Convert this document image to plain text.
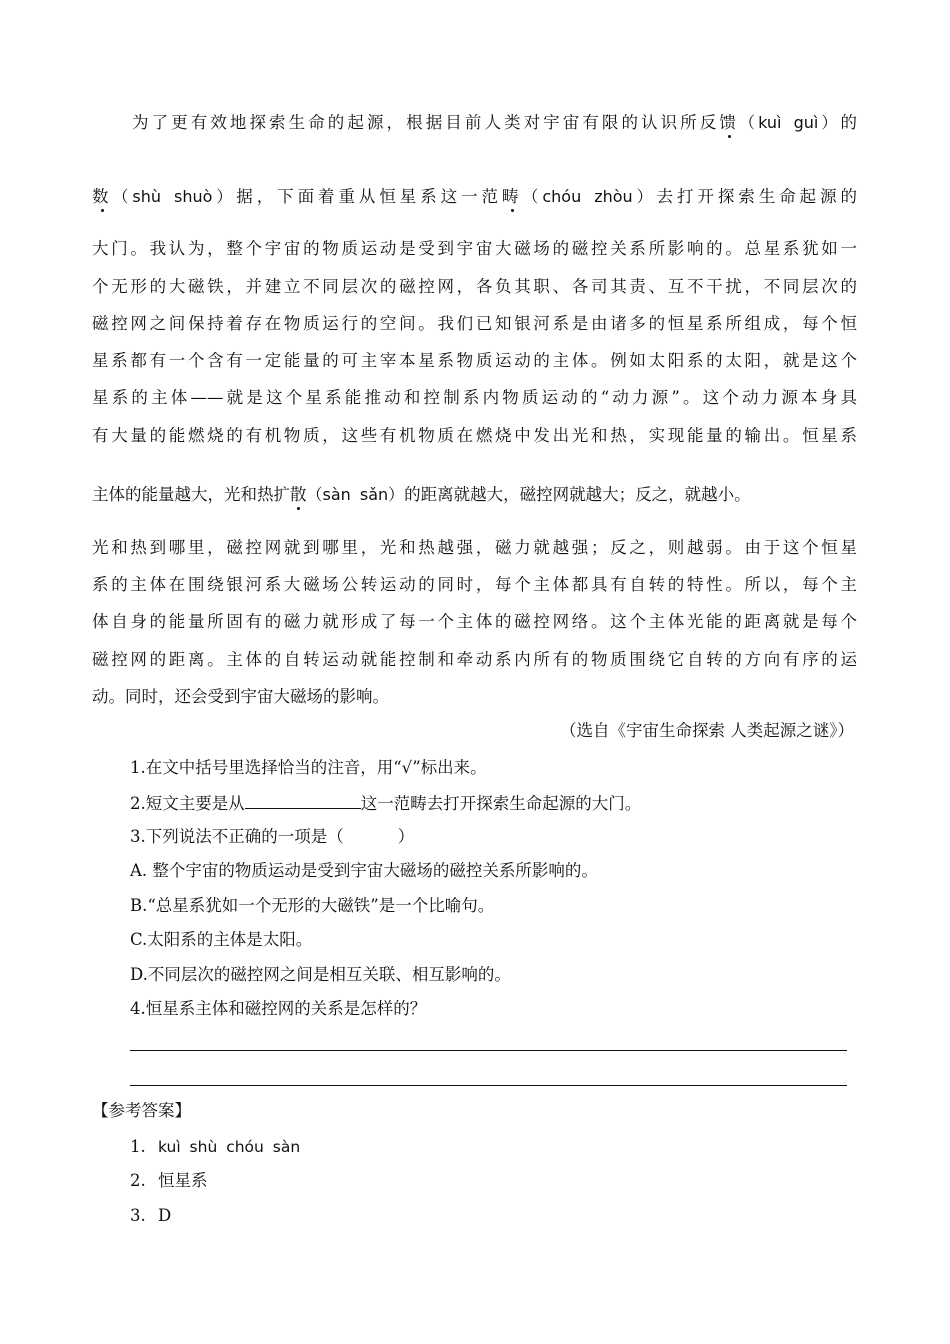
为了更有效地探索生命的起源，根据目前人类对宇宙有限的认识所反馈（kuì guì）的
数（shù shuò）据，下面着重从恒星系这一范畴（chóu zhòu）去打开探索生命起源的
大门。我认为，整个宇宙的物质运动是受到宇宙大磁场的磁控关系所影响的。总星系犹如一
个无形的大磁铁，并建立不同层次的磁控网，各负其职、各司其责、互不干扰，不同层次的
磁控网之间保持着存在物质运行的空间。我们已知银河系是由诸多的恒星系所组成，每个恒
星系都有一个含有一定能量的可主宰本星系物质运动的主体。例如太阳系的太阳，就是这个
星系的主体——就是这个星系能推动和控制系内物质运动的“动力源”。这个动力源本身具
有大量的能燃烧的有机物质，这些有机物质在燃烧中发出光和热，实现能量的输出。恒星系
主体的能量越大，光和热扩散（sàn sǎn）的距离就越大，磁控网就越大；反之，就越小。
光和热到哪里，磁控网就到哪里，光和热越强，磁力就越强；反之，则越弱。由于这个恒星
系的主体在围绕银河系大磁场公转运动的同时，每个主体都具有自转的特性。所以，每个主
体自身的能量所固有的磁力就形成了每一个主体的磁控网络。这个主体光能的距离就是每个
磁控网的距离。主体的自转运动就能控制和牵动系内所有的物质围绕它自转的方向有序的运
动。同时，还会受到宇宙大磁场的影响。
（选自《宇宙生命探索 人类起源之谜》）
1.在文中括号里选择恰当的注音，用“√”标出来。
2.短文主要是从	这一范畴去打开探索生命起源的大门。
3.下列说法不正确的一项是（	）
A. 整个宇宙的物质运动是受到宇宙大磁场的磁控关系所影响的。
B.“总星系犹如一个无形的大磁铁”是一个比喻句。
C.太阳系的主体是太阳。
D.不同层次的磁控网之间是相互关联、相互影响的。
4.恒星系主体和磁控网的关系是怎样的？
【参考答案】
1. kuì shù chóu sàn
2. 恒星系
3. D
